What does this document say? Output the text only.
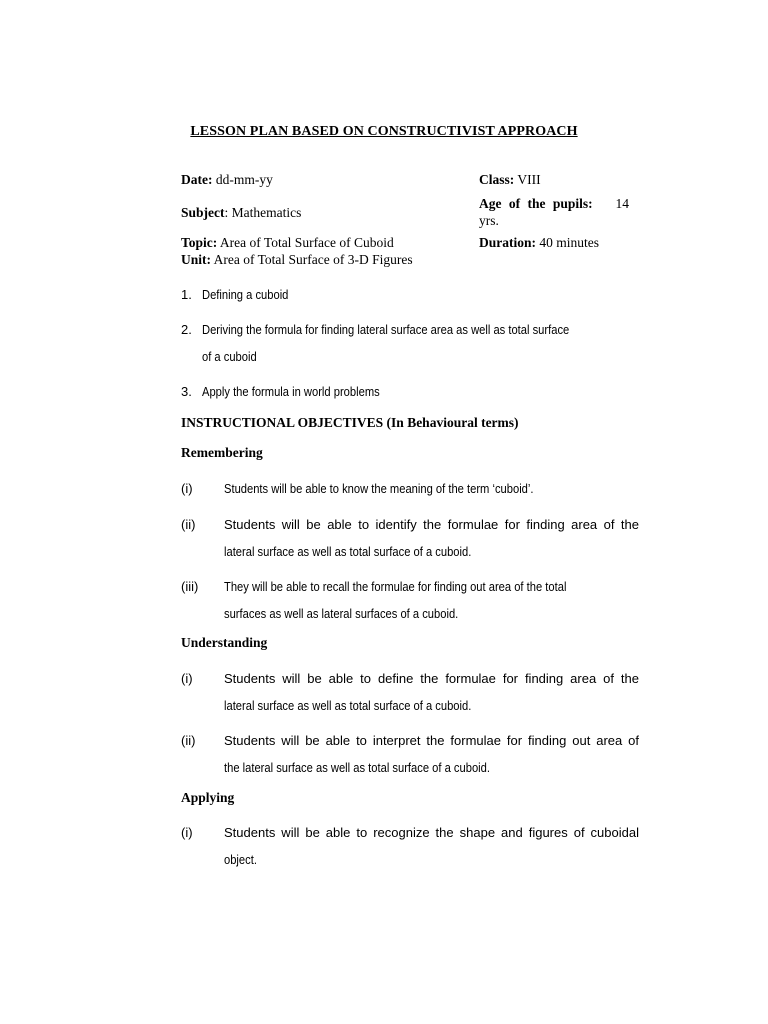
LESSON PLAN BASED ON CONSTRUCTIVIST APPROACH
Date: dd-mm-yy
Subject: Mathematics
Topic: Area of Total Surface of Cuboid
Unit: Area of Total Surface of 3-D Figures
Class: VIII
Age of the pupils: 14
yrs.
Duration: 40 minutes
1. Defining a cuboid
2. Deriving the formula for finding lateral surface area as well as total surface
of a cuboid
3. Apply the formula in world problems
INSTRUCTIONAL OBJECTIVES (In Behavioural terms)
Remembering
(i) Students will be able to know the meaning of the term ‘cuboid’.
(ii) Students will be able to identify the formulae for finding area of the
lateral surface as well as total surface of a cuboid.
(iii) They will be able to recall the formulae for finding out area of the total
surfaces as well as lateral surfaces of a cuboid.
Understanding
(i) Students will be able to define the formulae for finding area of the
lateral surface as well as total surface of a cuboid.
(ii) Students will be able to interpret the formulae for finding out area of
the lateral surface as well as total surface of a cuboid.
Applying
(i) Students will be able to recognize the shape and figures of cuboidal
object.
